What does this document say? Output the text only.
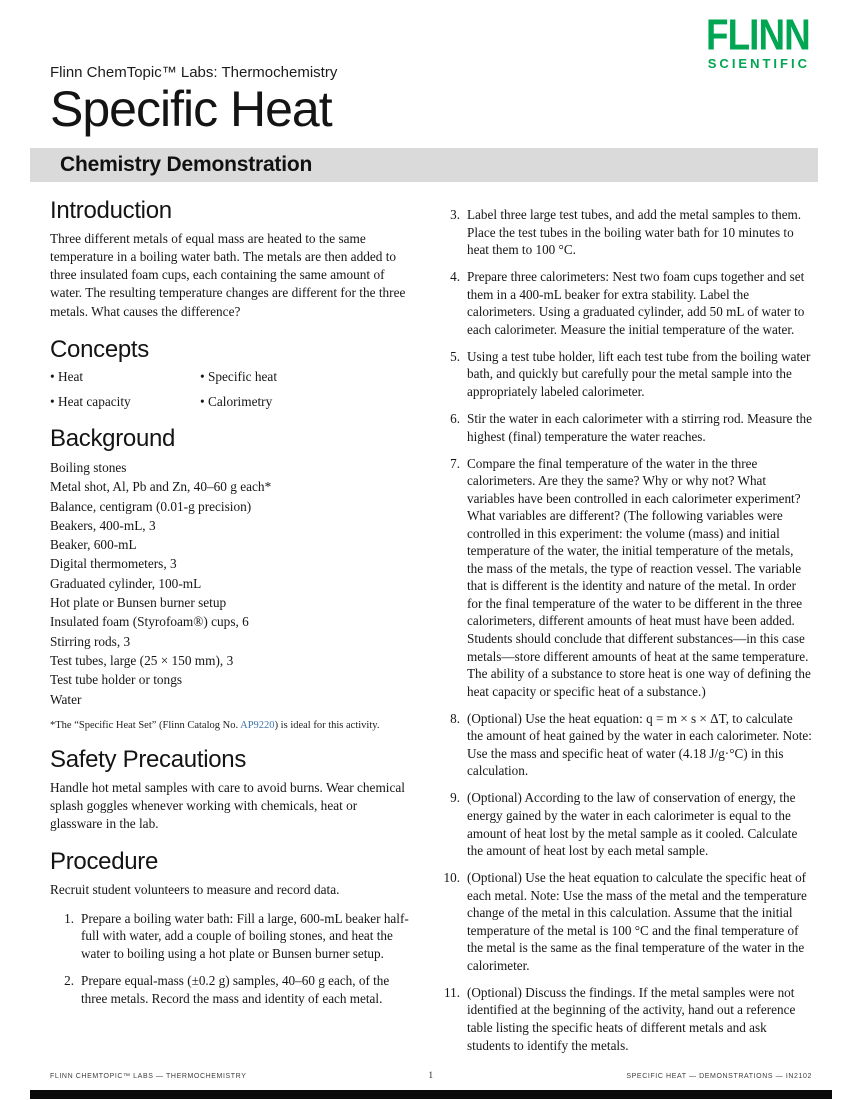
FLINN
SCIENTIFIC

Flinn ChemTopic™ Labs: Thermochemistry

Specific Heat
Chemistry Demonstration
Introduction

Three different metals of equal mass are heated to the same temperature in a boiling water bath. The metals are then added to three insulated foam cups, each containing the same amount of water. The resulting temperature changes are different for the three metals. What causes the difference?

Concepts
• Heat	• Specific heat
• Heat capacity	• Calorimetry
Background
Boiling stones
Metal shot, Al, Pb and Zn, 40–60 g each*
Balance, centigram (0.01-g precision)
Beakers, 400-mL, 3
Beaker, 600-mL
Digital thermometers, 3
Graduated cylinder, 100-mL
Hot plate or Bunsen burner setup
Insulated foam (Styrofoam®) cups, 6
Stirring rods, 3
Test tubes, large (25 × 150 mm), 3
Test tube holder or tongs
Water

*The “Specific Heat Set” (Flinn Catalog No. AP9220) is ideal for this activity.

Safety Precautions

Handle hot metal samples with care to avoid burns. Wear chemical splash goggles whenever working with chemicals, heat or glassware in the lab.

Procedure

Recruit student volunteers to measure and record data.

1. Prepare a boiling water bath: Fill a large, 600-mL beaker half-full with water, add a couple of boiling stones, and heat the water to boiling using a hot plate or Bunsen burner setup.
2. Prepare equal-mass (±0.2 g) samples, 40–60 g each, of the three metals. Record the mass and identity of each metal.
3. Label three large test tubes, and add the metal samples to them. Place the test tubes in the boiling water bath for 10 minutes to heat them to 100 °C.
4. Prepare three calorimeters: Nest two foam cups together and set them in a 400-mL beaker for extra stability. Label the calorimeters. Using a graduated cylinder, add 50 mL of water to each calorimeter. Measure the initial temperature of the water.
5. Using a test tube holder, lift each test tube from the boiling water bath, and quickly but carefully pour the metal sample into the appropriately labeled calorimeter.
6. Stir the water in each calorimeter with a stirring rod. Measure the highest (final) temperature the water reaches.
7. Compare the final temperature of the water in the three calorimeters. Are they the same? Why or why not? What variables have been controlled in each calorimeter experiment? What variables are different? (The following variables were controlled in this experiment: the volume (mass) and initial temperature of the water, the initial temperature of the metals, the mass of the metals, the type of reaction vessel. The variable that is different is the identity and nature of the metal. In order for the final temperature of the water to be different in the three calorimeters, different amounts of heat must have been added. Students should conclude that different substances—in this case metals—store different amounts of heat at the same temperature. The ability of a substance to store heat is one way of defining the heat capacity or specific heat of a substance.)
8. (Optional) Use the heat equation: q = m × s × ΔT, to calculate the amount of heat gained by the water in each calorimeter. Note: Use the mass and specific heat of water (4.18 J/g·°C) in this calculation.
9. (Optional) According to the law of conservation of energy, the energy gained by the water in each calorimeter is equal to the amount of heat lost by the metal sample as it cooled. Calculate the amount of heat lost by each metal sample.
10. (Optional) Use the heat equation to calculate the specific heat of each metal. Note: Use the mass of the metal and the temperature change of the metal in this calculation. Assume that the initial temperature of the metal is 100 °C and the final temperature of the metal is the same as the final temperature of the water in the calorimeter.
11. (Optional) Discuss the findings. If the metal samples were not identified at the beginning of the activity, hand out a reference table listing the specific heats of different metals and ask students to identify the metals.
FLINN CHEMTOPIC™ LABS — THERMOCHEMISTRY	1	SPECIFIC HEAT — DEMONSTRATIONS — IN2102
